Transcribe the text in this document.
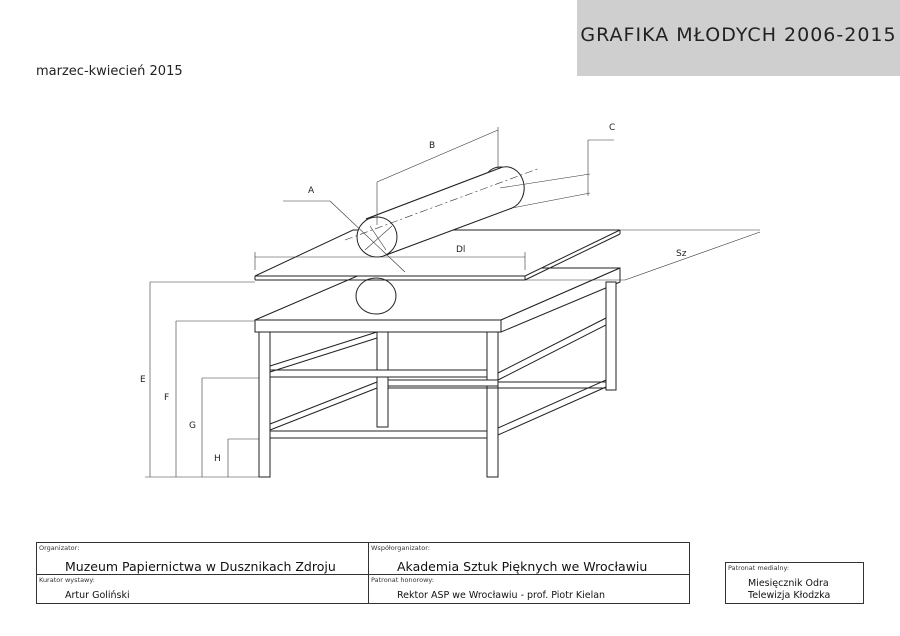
GRAFIKA MŁODYCH 2006-2015
marzec-kwiecień 2015
A
B
C
Dl	Sz
E
F
G
H
Organizator:
Muzeum Papiernictwa w Dusznikach Zdroju
Kurator wystawy:
Artur Goliński
Współorganizator:
Akademia Sztuk Pięknych we Wrocławiu
Patronat honorowy:
Rektor ASP we Wrocławiu - prof. Piotr Kielan
Patronat medialny:
Miesięcznik Odra
Telewizja Kłodzka
